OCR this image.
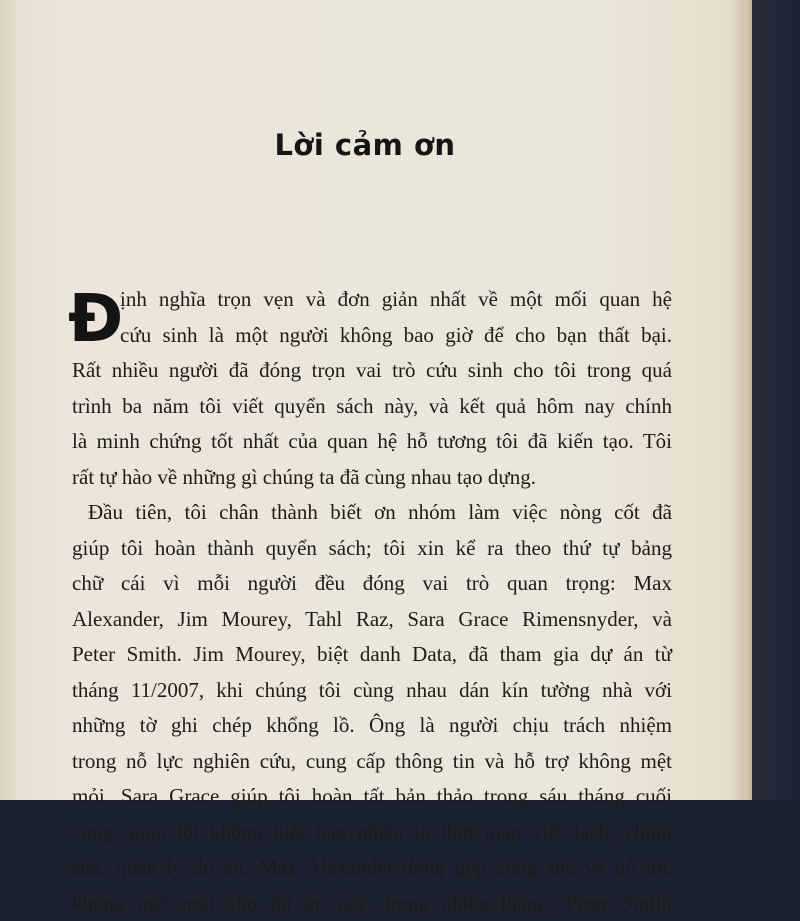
Lời cảm ơn
Đ
ịnh nghĩa trọn vẹn và đơn giản nhất về một mối quan hệ
cứu sinh là một người không bao giờ để cho bạn thất bại.
Rất nhiều người đã đóng trọn vai trò cứu sinh cho tôi trong quá
trình ba năm tôi viết quyển sách này, và kết quả hôm nay chính
là minh chứng tốt nhất của quan hệ hỗ tương tôi đã kiến tạo. Tôi
rất tự hào về những gì chúng ta đã cùng nhau tạo dựng.
Đầu tiên, tôi chân thành biết ơn nhóm làm việc nòng cốt đã
giúp tôi hoàn thành quyển sách; tôi xin kể ra theo thứ tự bảng
chữ cái vì mỗi người đều đóng vai trò quan trọng: Max
Alexander, Jim Mourey, Tahl Raz, Sara Grace Rimensnyder, và
Peter Smith. Jim Mourey, biệt danh Data, đã tham gia dự án từ
tháng 11/2007, khi chúng tôi cùng nhau dán kín tường nhà với
những tờ ghi chép khổng lồ. Ông là người chịu trách nhiệm
trong nỗ lực nghiên cứu, cung cấp thông tin và hỗ trợ không mệt
mỏi. Sara Grace giúp tôi hoàn tất bản thảo trong sáu tháng cuối
cùng, giúp tôi không biết bao nhiêu là thời gian viết lách, chỉnh
sửa, quản lý dự án. Max Alexander đóng góp công sức và nỗ lực
không mệt mỏi cho dự án này, trong nhiều tháng. Peter Smith
